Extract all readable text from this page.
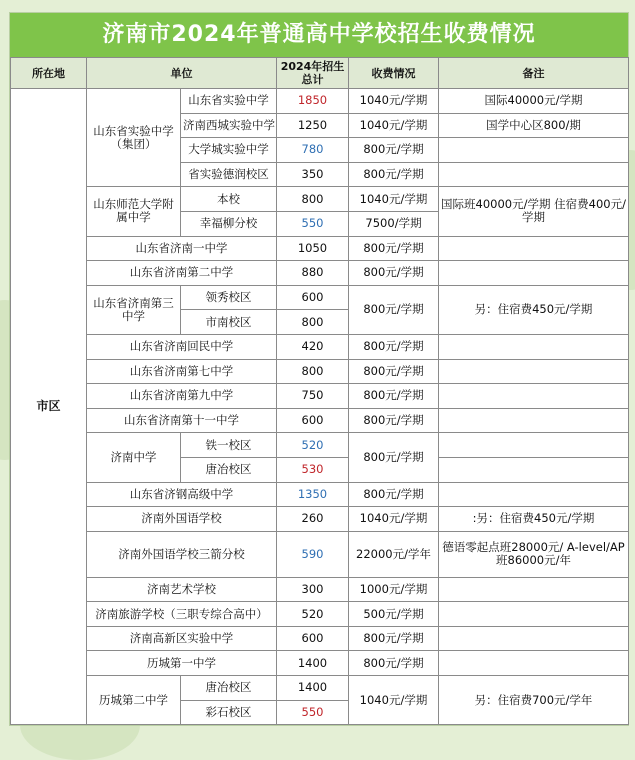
济南市2024年普通高中学校招生收费情况
所在地	单位		2024年招生总计	收费情况	备注
市区	山东省实验中学（集团）	山东省实验中学	1850	1040元/学期	国际40000元/学期
		济南西城实验中学	1250	1040元/学期	国学中心区800/期
		大学城实验中学	780	800元/学期	
		省实验德润校区	350	800元/学期	
	山东师范大学附属中学	本校	800	1040元/学期	国际班40000元/学期 住宿费400元/学期
		幸福柳分校	550	7500/学期	
	山东省济南一中学		1050	800元/学期	
	山东省济南第二中学		880	800元/学期	
	山东省济南第三中学	领秀校区	600	800元/学期	另：住宿费450元/学期
		市南校区	800		
	山东省济南回民中学		420	800元/学期	
	山东省济南第七中学		800	800元/学期	
	山东省济南第九中学		750	800元/学期	
	山东省济南第十一中学		600	800元/学期	
	济南中学	铁一校区	520	800元/学期	
		唐冶校区	530		
	山东省济钢高级中学		1350	800元/学期	
	济南外国语学校		260	1040元/学期	:另：住宿费450元/学期
	济南外国语学校三箭分校		590	22000元/学年	德语零起点班28000元/ A-level/AP班86000元/年
	济南艺术学校		300	1000元/学期	
	济南旅游学校（三职专综合高中）		520	500元/学期	
	济南高新区实验中学		600	800元/学期	
	历城第一中学		1400	800元/学期	
	历城第二中学	唐冶校区	1400	1040元/学期	另：住宿费700元/学年
		彩石校区	550		
